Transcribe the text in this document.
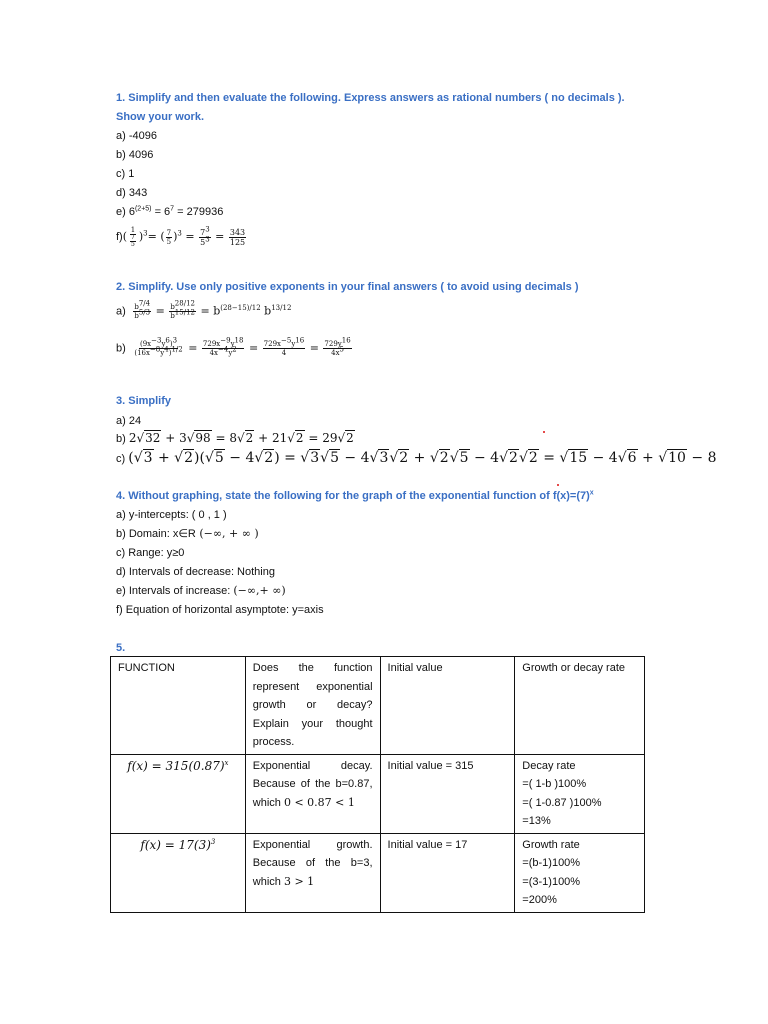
1. Simplify and then evaluate the following. Express answers as rational numbers ( no decimals ).
Show your work.
a) -4096
b) 4096
c) 1
d) 343
e) $6^{(2+5)} = 6^7 = 279936$
$f)( \frac{1}{\frac{7}{5}} )^3=$ ( $\frac{7}{5} )^3 = \frac{7^3}{5^3} = \frac{343}{125}$
2. Simplify. Use only positive exponents in your final answers ( to avoid using decimals )
$a) \frac{b^{7/4}}{b^{5/3}} = \frac{b^{28/12}}{b^{15/12}} = b^{(28-15)/12}$ $b^{13/12}$
$b) \frac{(9x^{-3}y^6)^3}{(16x^{-8}y^4)^{1/2}} = \frac{729x^{-9}y^{18}}{4x^{-4}y^2} = \frac{729x^{-5}y^{16}}{4} = \frac{729y^{16}}{4x^5}$
3. Simplify
a) 24
b) 2√32 + 3√98 = 8√2 + 21√2 = 29√2
c) (√3 + √2)(√5 − 4√2) = √3√5 − 4√3√2 + √2√5 − 4√2√2 = √15 − 4√6 + √10 − 8
4. Without graphing, state the following for the graph of the exponential function of $f(x)=(7)^x$
a) y-intercepts: ( 0 , 1 )
b) Domain: x∈R (−∞, + ∞ )
c) Range: y≥0
d) Intervals of decrease: Nothing
e) Intervals of increase: (−∞,+ ∞)
f) Equation of horizontal asymptote: y=axis
5.
FUNCTION	Does the function represent exponential growth or decay? Explain your thought process.	Initial value	Growth or decay rate

$f(x) = 315(0.87)^x$	Exponential decay. Because of the b=0.87, which 0 < 0.87 < 1	Initial value = 315	Decay rate
=( 1-b )100%
=( 1-0.87 )100%
=13%

$f(x) = 17(3)^3$	Exponential growth. Because of the b=3, which 3 > 1	Initial value = 17	Growth rate
=(b-1)100%
=(3-1)100%
=200%
